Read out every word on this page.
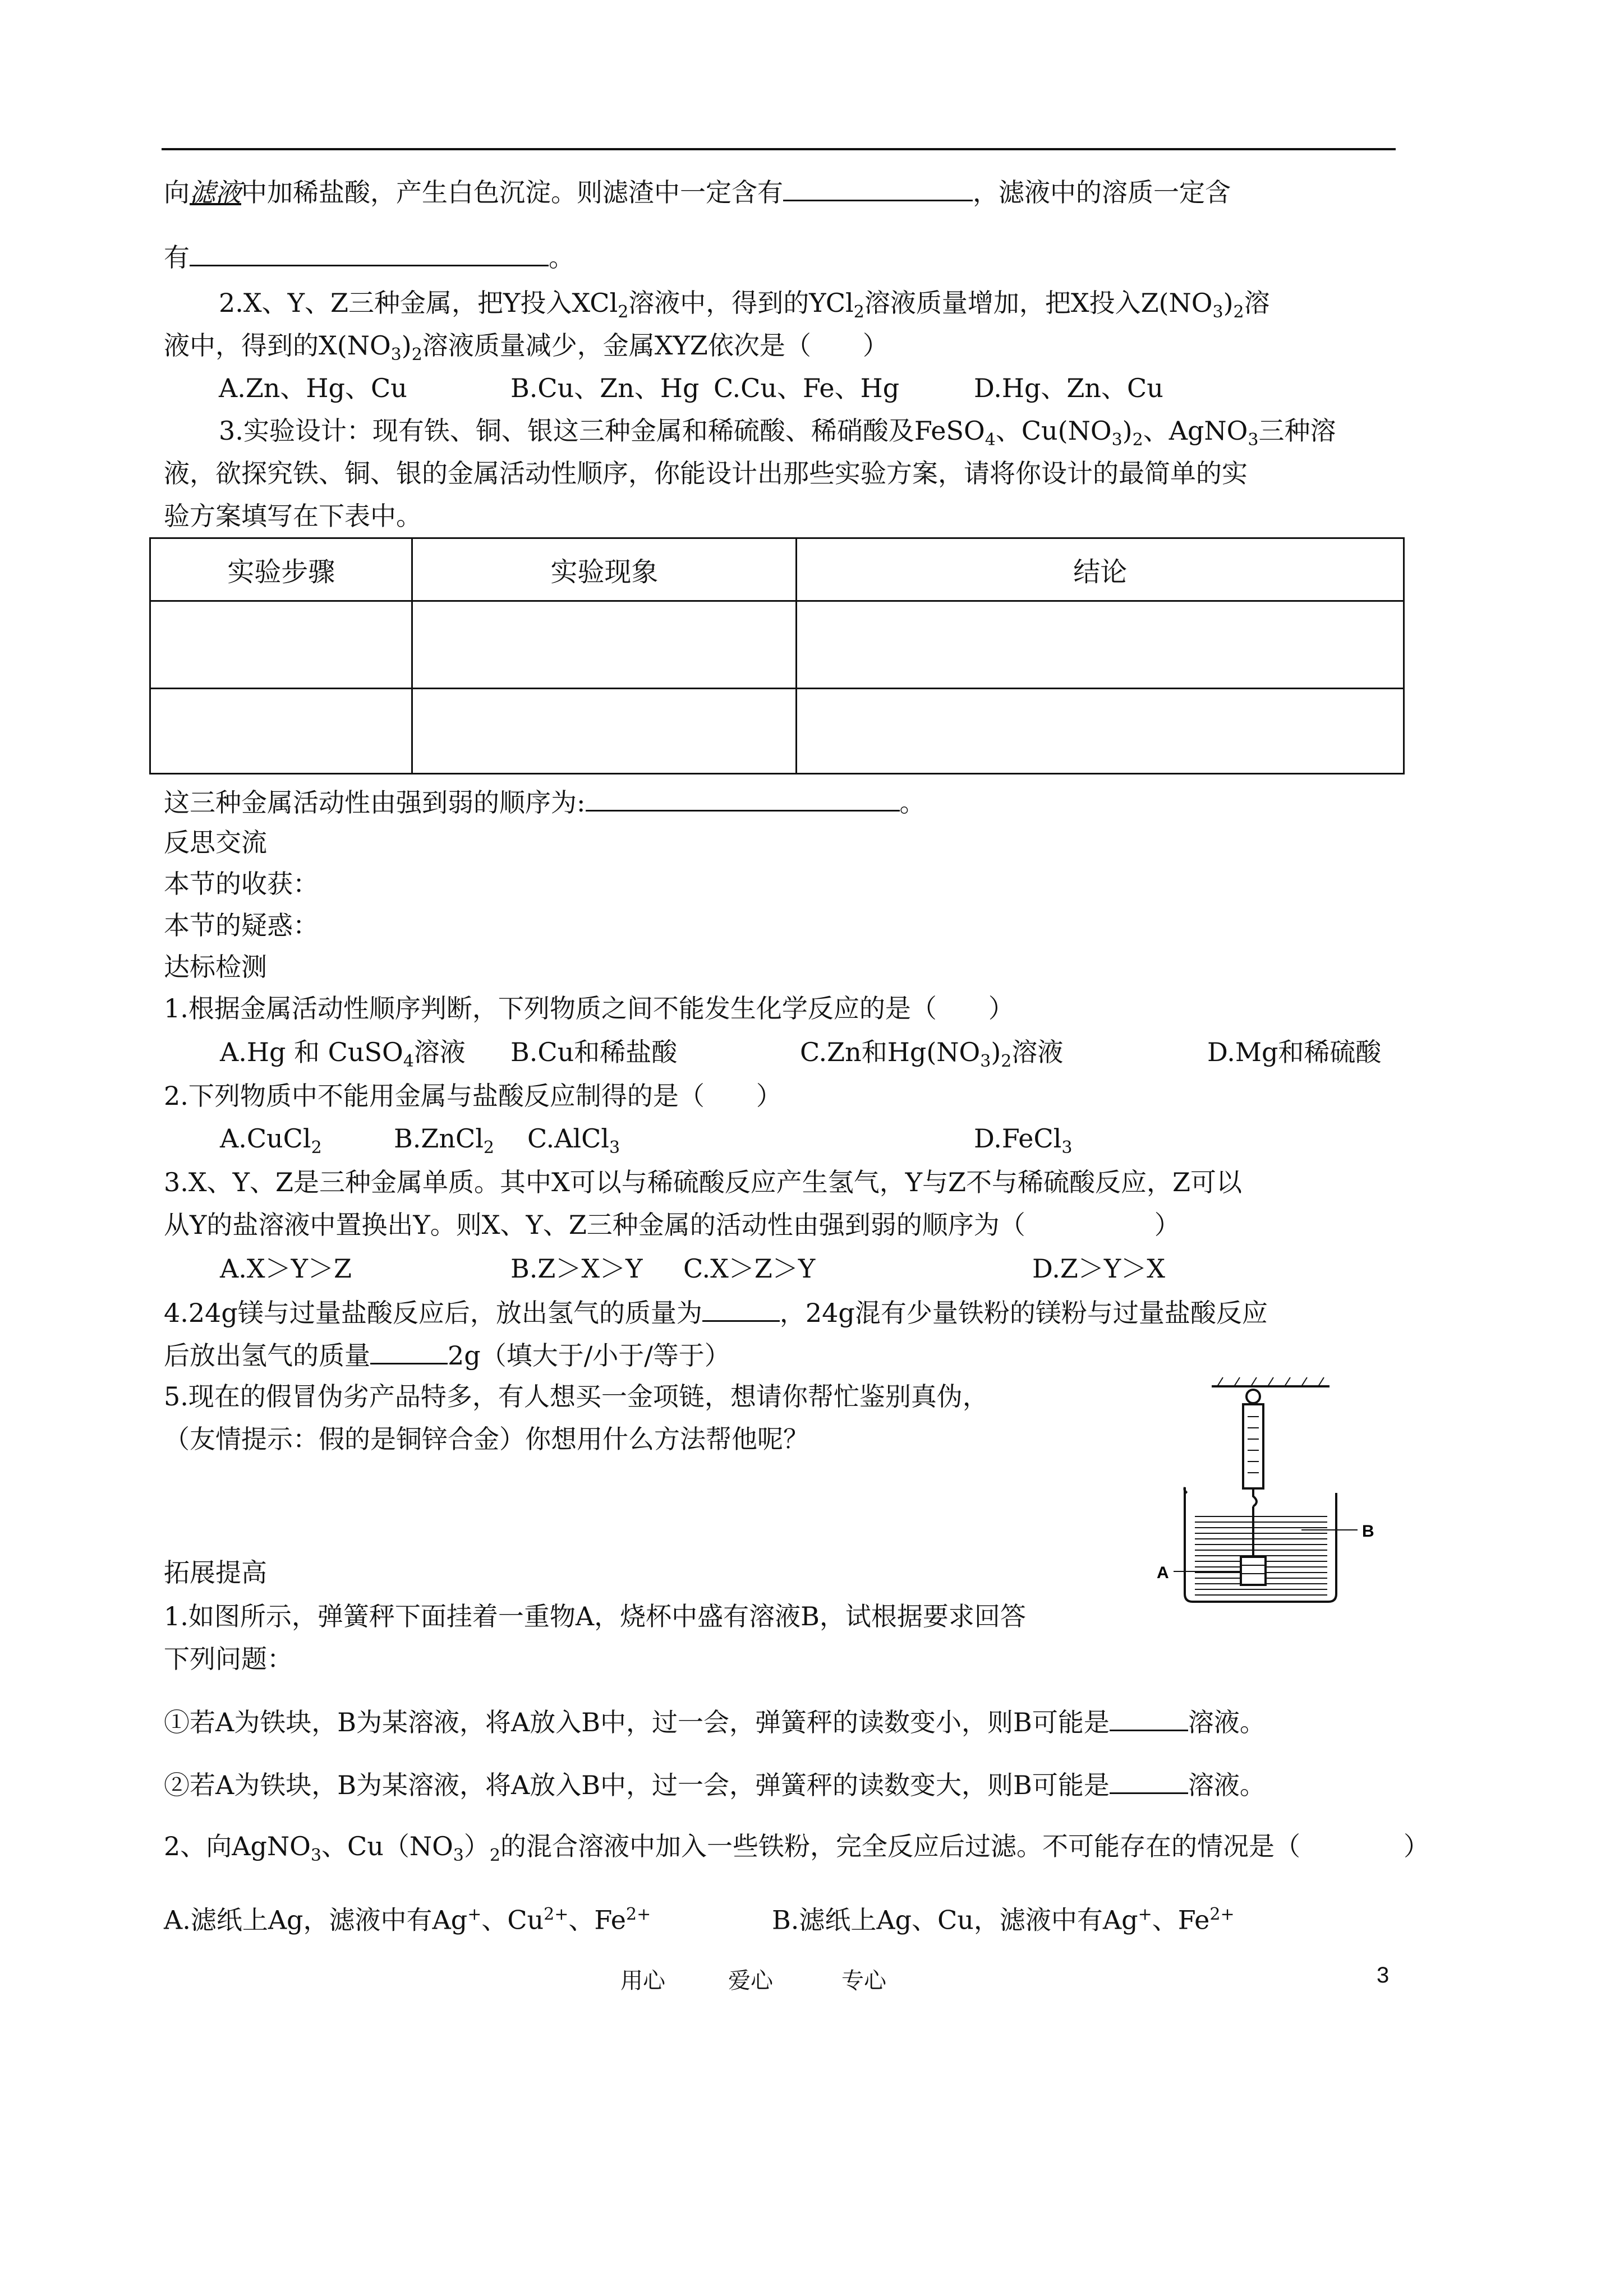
向滤液中加稀盐酸，产生白色沉淀。则滤渣中一定含有	，滤液中的溶质一定含
有	。
2.X、Y、Z三种金属，把Y投入XCl$_2$溶液中，得到的YCl$_2$溶液质量增加，把X投入$Z(NO_3)_2$溶
液中，得到的$X(NO_3)_2$溶液质量减少，金属XYZ依次是（　　）
A.Zn、Hg、Cu	B.Cu、Zn、Hg C.Cu、Fe、Hg	D.Hg、Zn、Cu
3.实验设计：现有铁、铜、银这三种金属和稀硫酸、稀硝酸及FeSO$_4$、$Cu(NO_3)_2$、AgNO$_3$三种溶
液，欲探究铁、铜、银的金属活动性顺序，你能设计出那些实验方案，请将你设计的最简单的实
验方案填写在下表中。
实验步骤	实验现象	结论

这三种金属活动性由强到弱的顺序为:	。
反思交流
本节的收获：
本节的疑惑：
达标检测
1.根据金属活动性顺序判断，下列物质之间不能发生化学反应的是（　　）
A.Hg 和 CuSO$_4$溶液 B.Cu和稀盐酸	C.Zn和$Hg(NO_3)_2$溶液	D.Mg和稀硫酸
2.下列物质中不能用金属与盐酸反应制得的是（　　）
A.CuCl$_2$	B.ZnCl$_2$ C.AlCl$_3$	D.FeCl$_3$
3.X、Y、Z是三种金属单质。其中X可以与稀硫酸反应产生氢气，Y与Z不与稀硫酸反应，Z可以
从Y的盐溶液中置换出Y。则X、Y、Z三种金属的活动性由强到弱的顺序为（　　　　　）
A.X＞Y＞Z	B.Z＞X＞Y C.X＞Z＞Y	D.Z＞Y＞X
4.24g镁与过量盐酸反应后，放出氢气的质量为	，24g混有少量铁粉的镁粉与过量盐酸反应
后放出氢气的质量	2g（填大于/小于/等于）
5.现在的假冒伪劣产品特多，有人想买一金项链，想请你帮忙鉴别真伪，
（友情提示：假的是铜锌合金）你想用什么方法帮他呢？
A
B
拓展提高
1.如图所示，弹簧秤下面挂着一重物A，烧杯中盛有溶液B，试根据要求回答
下列问题：
①若A为铁块，B为某溶液，将A放入B中，过一会，弹簧秤的读数变小，则B可能是	溶液。
②若A为铁块，B为某溶液，将A放入B中，过一会，弹簧秤的读数变大，则B可能是	溶液。
2、向AgNO$_3$、$Cu(NO_3)_2$的混合溶液中加入一些铁粉，完全反应后过滤。不可能存在的情况是（　　　　）
A.滤纸上Ag，滤液中有Ag+、$Cu^{2+}$、$Fe^{2+}$	B.滤纸上Ag、Cu，滤液中有Ag+、$Fe^{2+}$
用心	爱心	专心	3
